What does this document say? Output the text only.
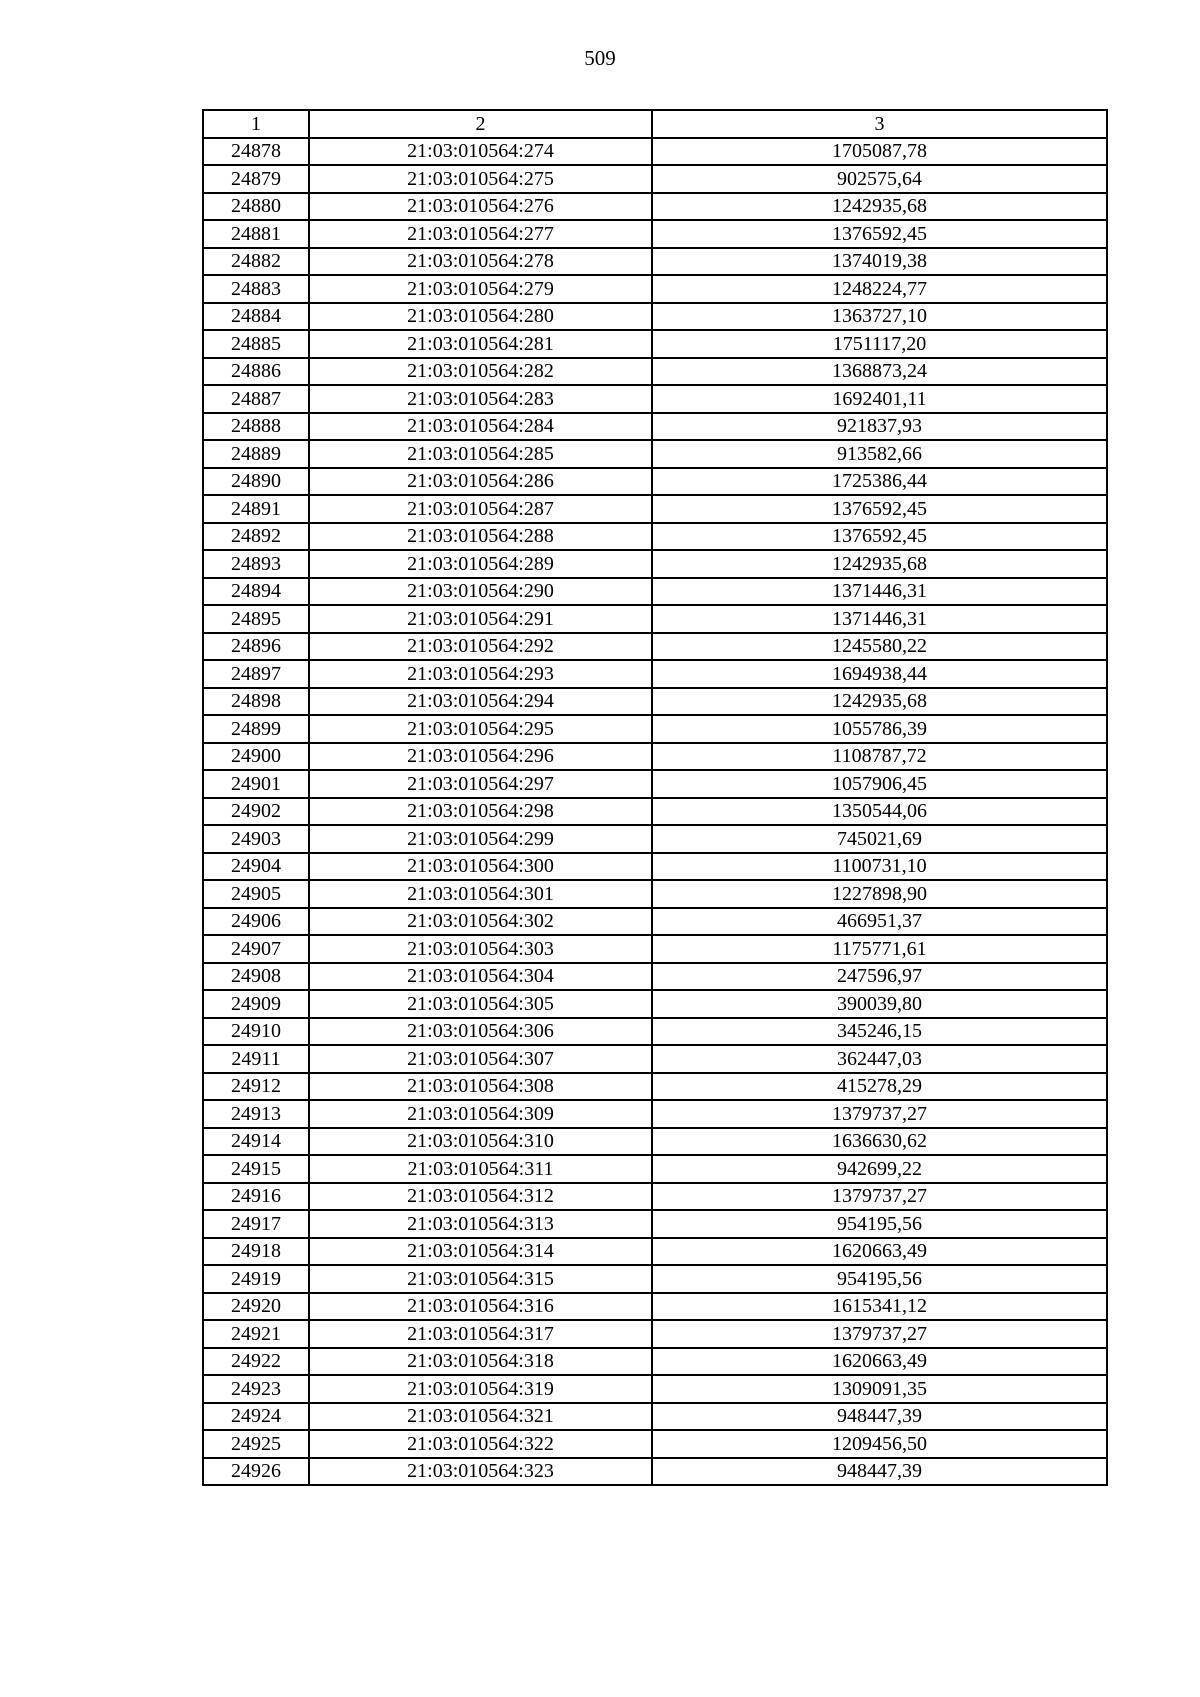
509
1	2	3
24878	21:03:010564:274	1705087,78
24879	21:03:010564:275	902575,64
24880	21:03:010564:276	1242935,68
24881	21:03:010564:277	1376592,45
24882	21:03:010564:278	1374019,38
24883	21:03:010564:279	1248224,77
24884	21:03:010564:280	1363727,10
24885	21:03:010564:281	1751117,20
24886	21:03:010564:282	1368873,24
24887	21:03:010564:283	1692401,11
24888	21:03:010564:284	921837,93
24889	21:03:010564:285	913582,66
24890	21:03:010564:286	1725386,44
24891	21:03:010564:287	1376592,45
24892	21:03:010564:288	1376592,45
24893	21:03:010564:289	1242935,68
24894	21:03:010564:290	1371446,31
24895	21:03:010564:291	1371446,31
24896	21:03:010564:292	1245580,22
24897	21:03:010564:293	1694938,44
24898	21:03:010564:294	1242935,68
24899	21:03:010564:295	1055786,39
24900	21:03:010564:296	1108787,72
24901	21:03:010564:297	1057906,45
24902	21:03:010564:298	1350544,06
24903	21:03:010564:299	745021,69
24904	21:03:010564:300	1100731,10
24905	21:03:010564:301	1227898,90
24906	21:03:010564:302	466951,37
24907	21:03:010564:303	1175771,61
24908	21:03:010564:304	247596,97
24909	21:03:010564:305	390039,80
24910	21:03:010564:306	345246,15
24911	21:03:010564:307	362447,03
24912	21:03:010564:308	415278,29
24913	21:03:010564:309	1379737,27
24914	21:03:010564:310	1636630,62
24915	21:03:010564:311	942699,22
24916	21:03:010564:312	1379737,27
24917	21:03:010564:313	954195,56
24918	21:03:010564:314	1620663,49
24919	21:03:010564:315	954195,56
24920	21:03:010564:316	1615341,12
24921	21:03:010564:317	1379737,27
24922	21:03:010564:318	1620663,49
24923	21:03:010564:319	1309091,35
24924	21:03:010564:321	948447,39
24925	21:03:010564:322	1209456,50
24926	21:03:010564:323	948447,39
